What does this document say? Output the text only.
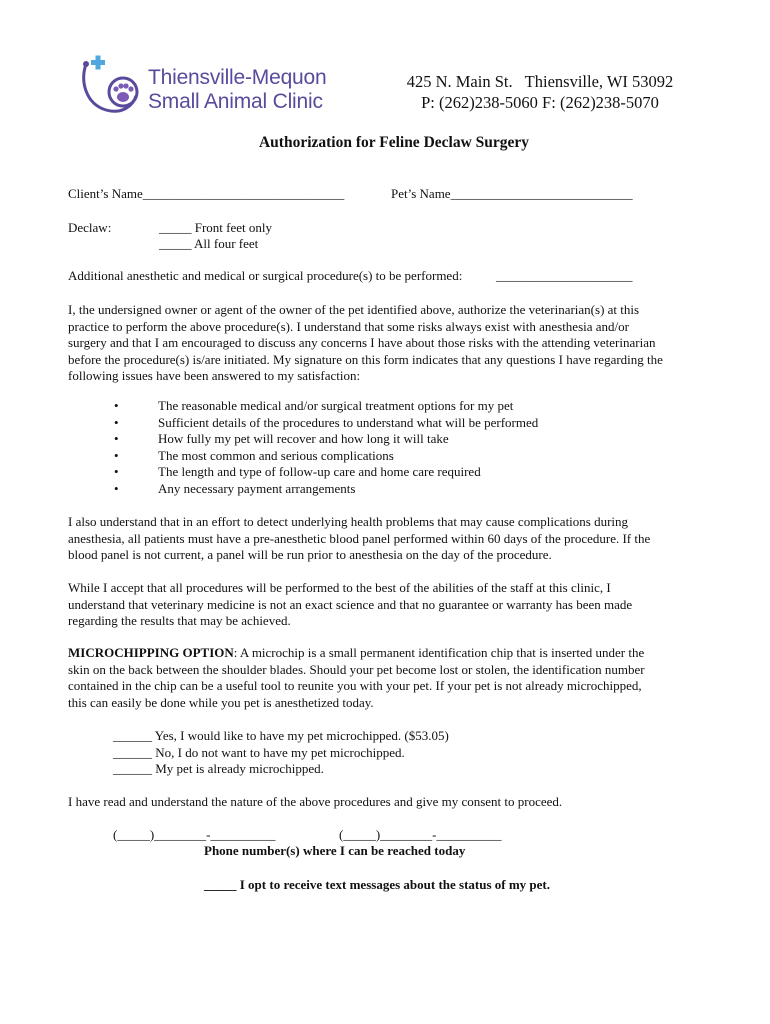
Thiensville-Mequon
Small Animal Clinic
425 N. Main St.   Thiensville, WI 53092
P: (262)238-5060 F: (262)238-5070
Authorization for Feline Declaw Surgery
Client’s Name_______________________________	Pet’s Name____________________________
Declaw:	_____ Front feet only
_____ All four feet
Additional anesthetic and medical or surgical procedure(s) to be performed:	_____________________
I, the undersigned owner or agent of the owner of the pet identified above, authorize the veterinarian(s) at this
practice to perform the above procedure(s). I understand that some risks always exist with anesthesia and/or
surgery and that I am encouraged to discuss any concerns I have about those risks with the attending veterinarian
before the procedure(s) is/are initiated. My signature on this form indicates that any questions I have regarding the
following issues have been answered to my satisfaction:
• The reasonable medical and/or surgical treatment options for my pet
• Sufficient details of the procedures to understand what will be performed
• How fully my pet will recover and how long it will take
• The most common and serious complications
• The length and type of follow-up care and home care required
• Any necessary payment arrangements
I also understand that in an effort to detect underlying health problems that may cause complications during
anesthesia, all patients must have a pre-anesthetic blood panel performed within 60 days of the procedure. If the
blood panel is not current, a panel will be run prior to anesthesia on the day of the procedure.
While I accept that all procedures will be performed to the best of the abilities of the staff at this clinic, I
understand that veterinary medicine is not an exact science and that no guarantee or warranty has been made
regarding the results that may be achieved.
MICROCHIPPING OPTION: A microchip is a small permanent identification chip that is inserted under the
skin on the back between the shoulder blades. Should your pet become lost or stolen, the identification number
contained in the chip can be a useful tool to reunite you with your pet. If your pet is not already microchipped,
this can easily be done while you pet is anesthetized today.
______ Yes, I would like to have my pet microchipped. ($53.05)
______ No, I do not want to have my pet microchipped.
______ My pet is already microchipped.
I have read and understand the nature of the above procedures and give my consent to proceed.
(_____)________-__________	(_____)________-__________
Phone number(s) where I can be reached today
_____ I opt to receive text messages about the status of my pet.
